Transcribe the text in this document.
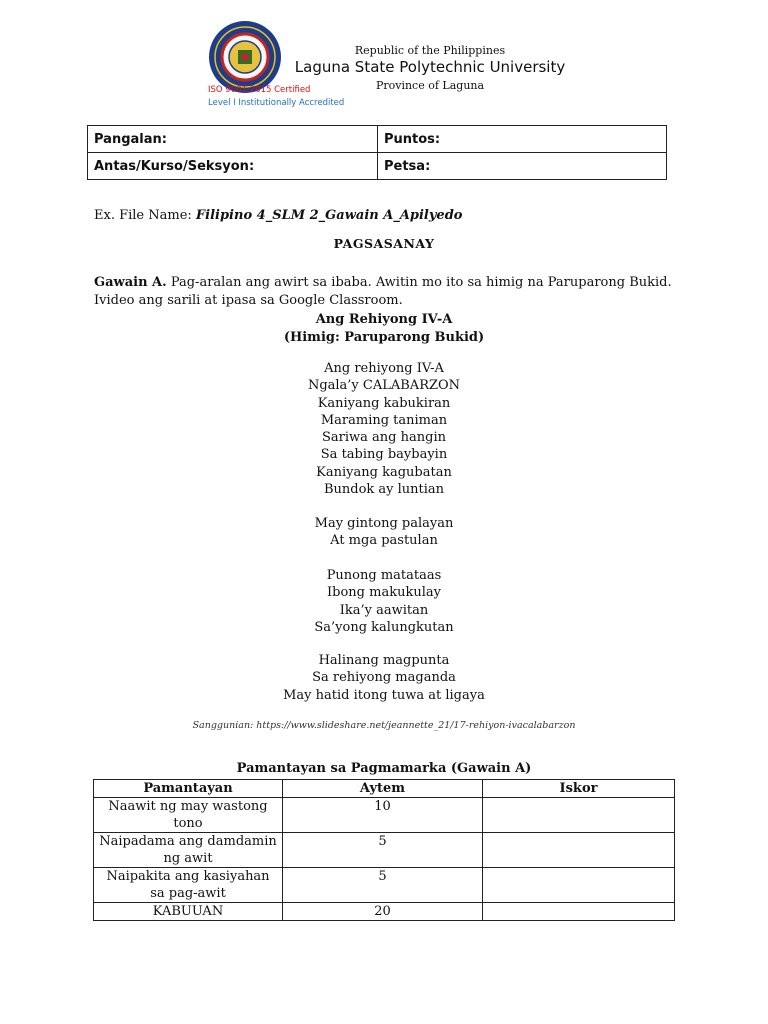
Republic of the Philippines
Laguna State Polytechnic University
Province of Laguna
ISO 9001:2015 Certified
Level I Institutionally Accredited
Pangalan:	Puntos:
Antas/Kurso/Seksyon:	Petsa:
Ex. File Name: Filipino 4_SLM 2_Gawain A_Apilyedo
PAGSASANAY
Gawain A. Pag-aralan ang awirt sa ibaba. Awitin mo ito sa himig na Paruparong Bukid. Ivideo ang sarili at ipasa sa Google Classroom.
Ang Rehiyong IV-A
(Himig: Paruparong Bukid)
Ang rehiyong IV-A
Ngala’y CALABARZON
Kaniyang kabukiran
Maraming taniman
Sariwa ang hangin
Sa tabing baybayin
Kaniyang kagubatan
Bundok ay luntian
May gintong palayan
At mga pastulan
Punong matataas
Ibong makukulay
Ika’y aawitan
Sa’yong kalungkutan
Halinang magpunta
Sa rehiyong maganda
May hatid itong tuwa at ligaya
Sanggunian: https://www.slideshare.net/jeannette_21/17-rehiyon-ivacalabarzon
Pamantayan sa Pagmamarka (Gawain A)
Pamantayan	Aytem	Iskor
Naawit ng may wastong tono	10	
Naipadama ang damdamin ng awit	5	
Naipakita ang kasiyahan sa pag-awit	5	
KABUUAN	20	
